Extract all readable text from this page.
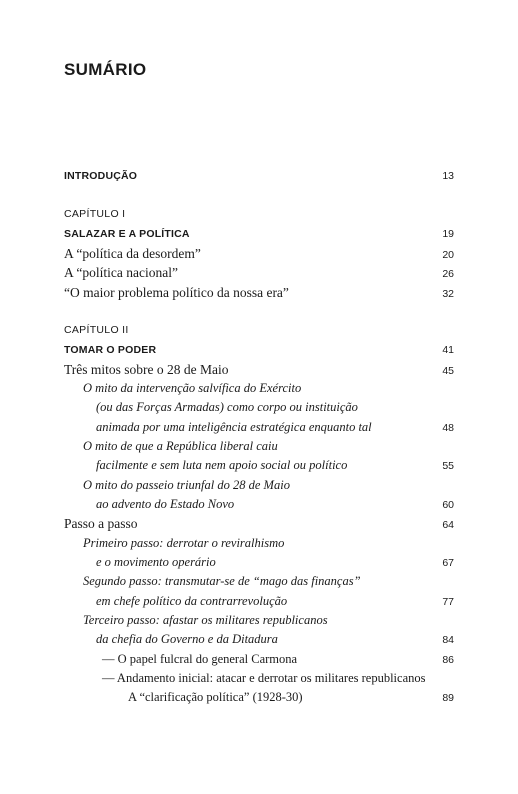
SUMÁRIO
INTRODUÇÃO	13
CAPÍTULO I
SALAZAR E A POLÍTICA	19
A “política da desordem”	20
A “política nacional”	26
“O maior problema político da nossa era”	32
CAPÍTULO II
TOMAR O PODER	41
Três mitos sobre o 28 de Maio	45
O mito da intervenção salvífica do Exército
(ou das Forças Armadas) como corpo ou instituição
animada por uma inteligência estratégica enquanto tal	48
O mito de que a República liberal caiu
facilmente e sem luta nem apoio social ou político	55
O mito do passeio triunfal do 28 de Maio
ao advento do Estado Novo	60
Passo a passo	64
Primeiro passo: derrotar o reviralhismo
e o movimento operário	67
Segundo passo: transmutar-se de “mago das finanças”
em chefe político da contrarrevolução	77
Terceiro passo: afastar os militares republicanos
da chefia do Governo e da Ditadura	84
— O papel fulcral do general Carmona	86
— Andamento inicial: atacar e derrotar os militares republicanos
A “clarificação política” (1928-30)	89
